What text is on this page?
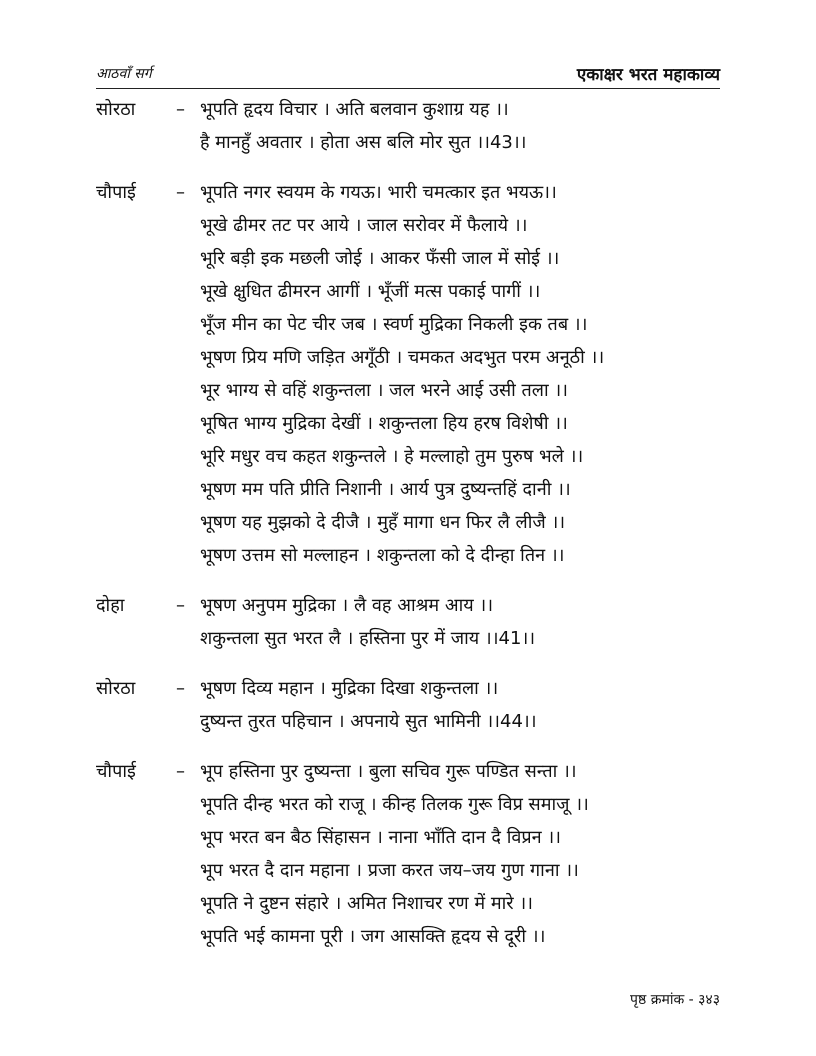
आठवाँ सर्ग	एकाक्षर भरत महाकाव्य
सोरठा	– भूपति हृदय विचार । अति बलवान कुशाग्र यह ।।
है मानहुँ अवतार । होता अस बलि मोर सुत ।।43।।
चौपाई	– भूपति नगर स्वयम के गयऊ। भारी चमत्कार इत भयऊ।।
भूखे ढीमर तट पर आये । जाल सरोवर में फैलाये ।।
भूरि बड़ी इक मछली जोई । आकर फँसी जाल में सोई ।।
भूखे क्षुधित ढीमरन आगीं । भूँजीं मत्स पकाई पागीं ।।
भूँज मीन का पेट चीर जब । स्वर्ण मुद्रिका निकली इक तब ।।
भूषण प्रिय मणि जड़ित अगूँठी । चमकत अदभुत परम अनूठी ।।
भूर भाग्य से वहिं शकुन्तला । जल भरने आई उसी तला ।।
भूषित भाग्य मुद्रिका देखीं । शकुन्तला हिय हरष विशेषी ।।
भूरि मधुर वच कहत शकुन्तले । हे मल्लाहो तुम पुरुष भले ।।
भूषण मम पति प्रीति निशानी । आर्य पुत्र दुष्यन्तहिं दानी ।।
भूषण यह मुझको दे दीजै । मुहँ मागा धन फिर लै लीजै ।।
भूषण उत्तम सो मल्लाहन । शकुन्तला को दे दीन्हा तिन ।।
दोहा	– भूषण अनुपम मुद्रिका । लै वह आश्रम आय ।।
शकुन्तला सुत भरत लै । हस्तिना पुर में जाय ।।41।।
सोरठा	– भूषण दिव्य महान । मुद्रिका दिखा शकुन्तला ।।
दुष्यन्त तुरत पहिचान । अपनाये सुत भामिनी ।।44।।
चौपाई	– भूप हस्तिना पुर दुष्यन्ता । बुला सचिव गुरू पण्डित सन्ता ।।
भूपति दीन्ह भरत को राजू । कीन्ह तिलक गुरू विप्र समाजू ।।
भूप भरत बन बैठ सिंहासन । नाना भाँति दान दै विप्रन ।।
भूप भरत दै दान महाना । प्रजा करत जय–जय गुण गाना ।।
भूपति ने दुष्टन संहारे । अमित निशाचर रण में मारे ।।
भूपति भई कामना पूरी । जग आसक्ति हृदय से दूरी ।।
पृष्ठ क्रमांक - ३४३
